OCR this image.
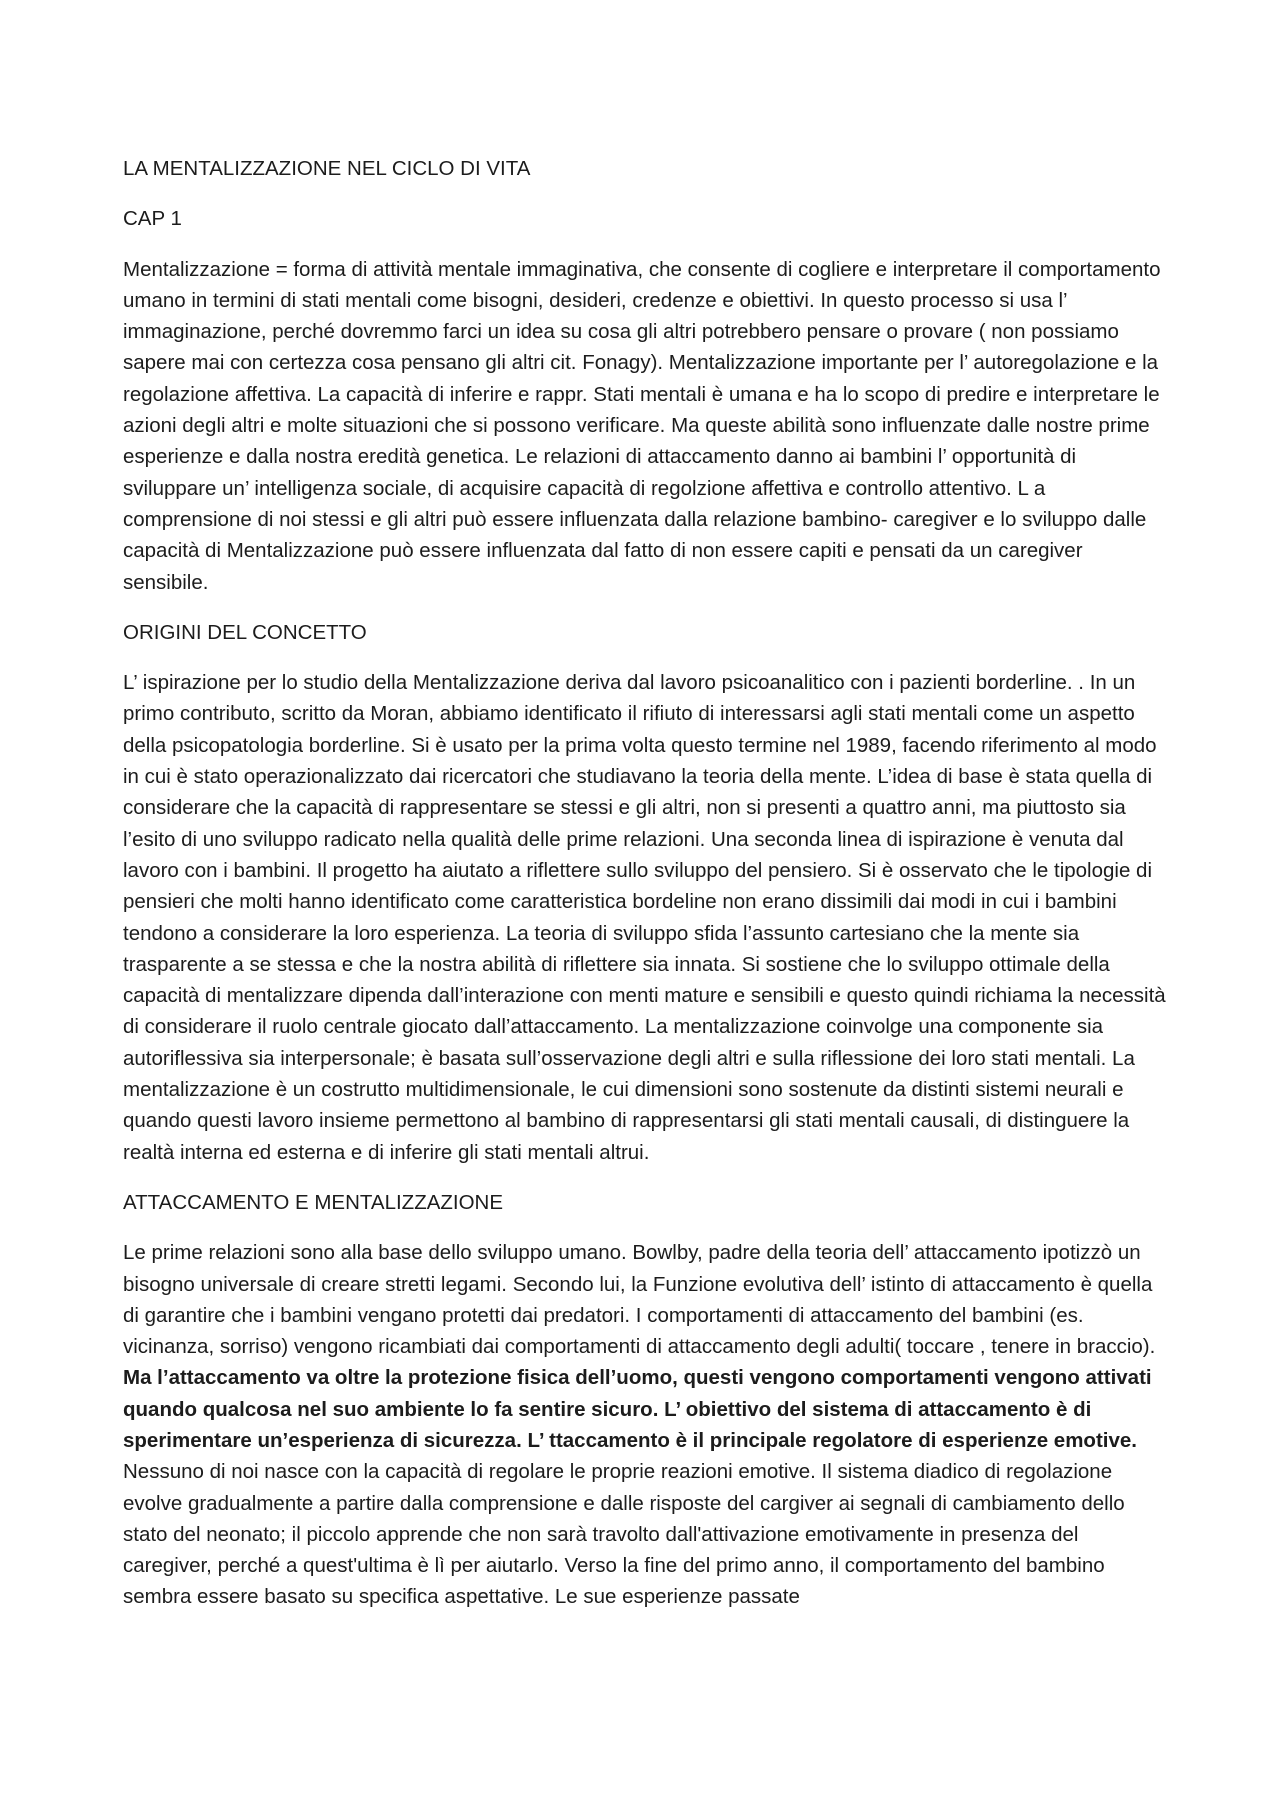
LA MENTALIZZAZIONE NEL CICLO DI VITA
CAP 1

Mentalizzazione = forma di attività mentale immaginativa, che consente di cogliere e interpretare il comportamento umano in termini di stati mentali come bisogni, desideri, credenze e obiettivi. In questo processo si usa l’ immaginazione, perché dovremmo farci un idea su cosa gli altri potrebbero pensare o provare ( non possiamo sapere mai con certezza cosa pensano gli altri cit. Fonagy). Mentalizzazione importante per l’ autoregolazione e la regolazione affettiva. La capacità di inferire e rappr. Stati mentali è umana e ha lo scopo di predire e interpretare le azioni degli altri e molte situazioni che si possono verificare. Ma queste abilità sono influenzate dalle nostre prime esperienze e dalla nostra eredità genetica. Le relazioni di attaccamento danno ai bambini l’ opportunità di sviluppare un’ intelligenza sociale, di acquisire capacità di regolzione affettiva e controllo attentivo. L a comprensione di noi stessi e gli altri può essere influenzata dalla relazione bambino- caregiver e lo sviluppo dalle capacità di Mentalizzazione può essere influenzata dal fatto di non essere capiti e pensati da un caregiver sensibile.

ORIGINI DEL CONCETTO

L’ ispirazione per lo studio della Mentalizzazione deriva dal lavoro psicoanalitico con i pazienti borderline. . In un primo contributo, scritto da Moran, abbiamo identificato il rifiuto di interessarsi agli stati mentali come un aspetto della psicopatologia borderline. Si è usato per la prima volta questo termine nel 1989, facendo riferimento al modo in cui è stato operazionalizzato dai ricercatori che studiavano la teoria della mente. L’idea di base è stata quella di considerare che la capacità di rappresentare se stessi e gli altri, non si presenti a quattro anni, ma piuttosto sia l’esito di uno sviluppo radicato nella qualità delle prime relazioni. Una seconda linea di ispirazione è venuta dal lavoro con i bambini. Il progetto ha aiutato a riflettere sullo sviluppo del pensiero. Si è osservato che le tipologie di pensieri che molti hanno identificato come caratteristica bordeline non erano dissimili dai modi in cui i bambini tendono a considerare la loro esperienza. La teoria di sviluppo sfida l’assunto cartesiano che la mente sia trasparente a se stessa e che la nostra abilità di riflettere sia innata. Si sostiene che lo sviluppo ottimale della capacità di mentalizzare dipenda dall’interazione con menti mature e sensibili e questo quindi richiama la necessità di considerare il ruolo centrale giocato dall’attaccamento. La mentalizzazione coinvolge una componente sia autoriflessiva sia interpersonale; è basata sull’osservazione degli altri e sulla riflessione dei loro stati mentali. La mentalizzazione è un costrutto multidimensionale, le cui dimensioni sono sostenute da distinti sistemi neurali e quando questi lavoro insieme permettono al bambino di rappresentarsi gli stati mentali causali, di distinguere la realtà interna ed esterna e di inferire gli stati mentali altrui.

ATTACCAMENTO E MENTALIZZAZIONE

Le prime relazioni sono alla base dello sviluppo umano. Bowlby, padre della teoria dell’ attaccamento ipotizzò un bisogno universale di creare stretti legami. Secondo lui, la Funzione evolutiva dell’ istinto di attaccamento è quella di garantire che i bambini vengano protetti dai predatori. I comportamenti di attaccamento del bambini (es. vicinanza, sorriso) vengono ricambiati dai comportamenti di attaccamento degli adulti( toccare , tenere in braccio). Ma l’attaccamento va oltre la protezione fisica dell’uomo, questi vengono comportamenti vengono attivati quando qualcosa nel suo ambiente lo fa sentire sicuro. L’ obiettivo del sistema di attaccamento è di sperimentare un’esperienza di sicurezza. L’ ttaccamento è il principale regolatore di esperienze emotive. Nessuno di noi nasce con la capacità di regolare le proprie reazioni emotive. Il sistema diadico di regolazione evolve gradualmente a partire dalla comprensione e dalle risposte del cargiver ai segnali di cambiamento dello stato del neonato; il piccolo apprende che non sarà travolto dall'attivazione emotivamente in presenza del caregiver, perché a quest'ultima è lì per aiutarlo. Verso la fine del primo anno, il comportamento del bambino sembra essere basato su specifica aspettative. Le sue esperienze passate
